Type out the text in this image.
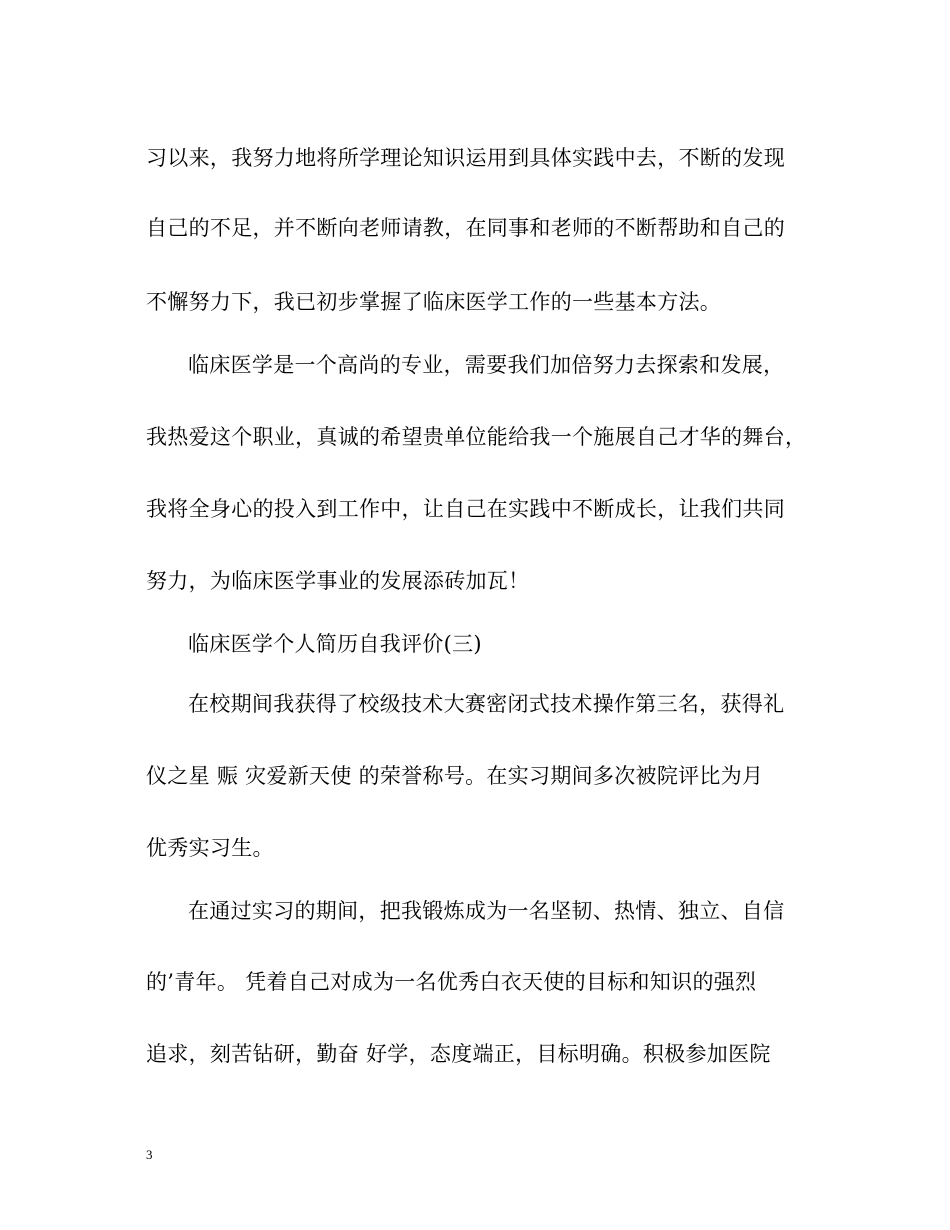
习以来，我努力地将所学理论知识运用到具体实践中去，不断的发现
自己的不足，并不断向老师请教，在同事和老师的不断帮助和自己的
不懈努力下，我已初步掌握了临床医学工作的一些基本方法。
临床医学是一个高尚的专业，需要我们加倍努力去探索和发展，
我热爱这个职业，真诚的希望贵单位能给我一个施展自己才华的舞台，
我将全身心的投入到工作中，让自己在实践中不断成长，让我们共同
努力，为临床医学事业的发展添砖加瓦！
临床医学个人简历自我评价(三)
在校期间我获得了校级技术大赛密闭式技术操作第三名，获得礼
仪之星 赈 灾爱新天使 的荣誉称号。在实习期间多次被院评比为月
优秀实习生。
在通过实习的期间，把我锻炼成为一名坚韧、热情、独立、自信
的’青年。 凭着自己对成为一名优秀白衣天使的目标和知识的强烈
追求，刻苦钻研，勤奋 好学，态度端正，目标明确。积极参加医院
3
